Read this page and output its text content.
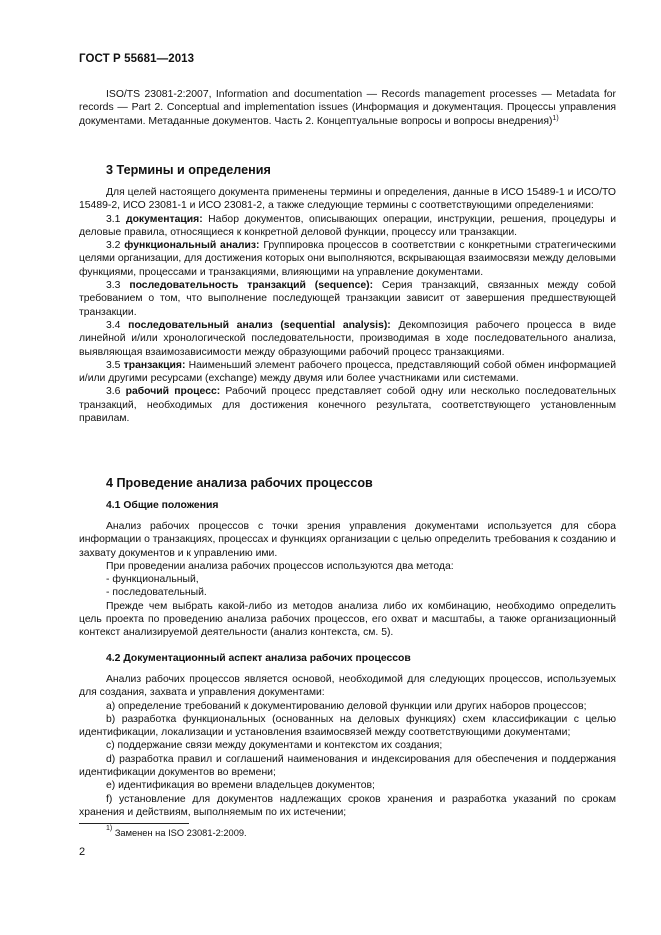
ГОСТ Р 55681—2013

ISO/TS 23081-2:2007, Information and documentation — Records management processes — Metadata for records — Part 2. Conceptual and implementation issues (Информация и документация. Процессы управления документами. Метаданные документов. Часть 2. Концептуальные вопросы и вопросы внедрения)$^{1)}$

3 Термины и определения

Для целей настоящего документа применены термины и определения, данные в ИСО 15489-1 и ИСО/ТО 15489-2, ИСО 23081-1 и ИСО 23081-2, а также следующие термины с соответствующими определениями:

3.1 документация: Набор документов, описывающих операции, инструкции, решения, процедуры и деловые правила, относящиеся к конкретной деловой функции, процессу или транзакции.

3.2 функциональный анализ: Группировка процессов в соответствии с конкретными стратегическими целями организации, для достижения которых они выполняются, вскрывающая взаимосвязи между деловыми функциями, процессами и транзакциями, влияющими на управление документами.

3.3 последовательность транзакций (sequence): Серия транзакций, связанных между собой требованием о том, что выполнение последующей транзакции зависит от завершения предшествующей транзакции.

3.4 последовательный анализ (sequential analysis): Декомпозиция рабочего процесса в виде линейной и/или хронологической последовательности, производимая в ходе последовательного анализа, выявляющая взаимозависимости между образующими рабочий процесс транзакциями.

3.5 транзакция: Наименьший элемент рабочего процесса, представляющий собой обмен информацией и/или другими ресурсами (exchange) между двумя или более участниками или системами.

3.6 рабочий процесс: Рабочий процесс представляет собой одну или несколько последовательных транзакций, необходимых для достижения конечного результата, соответствующего установленным правилам.

4 Проведение анализа рабочих процессов
4.1 Общие положения

Анализ рабочих процессов с точки зрения управления документами используется для сбора информации о транзакциях, процессах и функциях организации с целью определить требования к созданию и захвату документов и к управлению ими.

При проведении анализа рабочих процессов используются два метода:

- функциональный,

- последовательный.

Прежде чем выбрать какой-либо из методов анализа либо их комбинацию, необходимо определить цель проекта по проведению анализа рабочих процессов, его охват и масштабы, а также организационный контекст анализируемой деятельности (анализ контекста, см. 5).

4.2 Документационный аспект анализа рабочих процессов

Анализ рабочих процессов является основой, необходимой для следующих процессов, используемых для создания, захвата и управления документами:

a) определение требований к документированию деловой функции или других наборов процессов;

b) разработка функциональных (основанных на деловых функциях) схем классификации с целью идентификации, локализации и установления взаимосвязей между соответствующими документами;

c) поддержание связи между документами и контекстом их создания;

d) разработка правил и соглашений наименования и индексирования для обеспечения и поддержания идентификации документов во времени;

e) идентификация во времени владельцев документов;

f) установление для документов надлежащих сроков хранения и разработка указаний по срокам хранения и действиям, выполняемым по их истечении;

$^{1)}$ Заменен на ISO 23081-2:2009.
2
